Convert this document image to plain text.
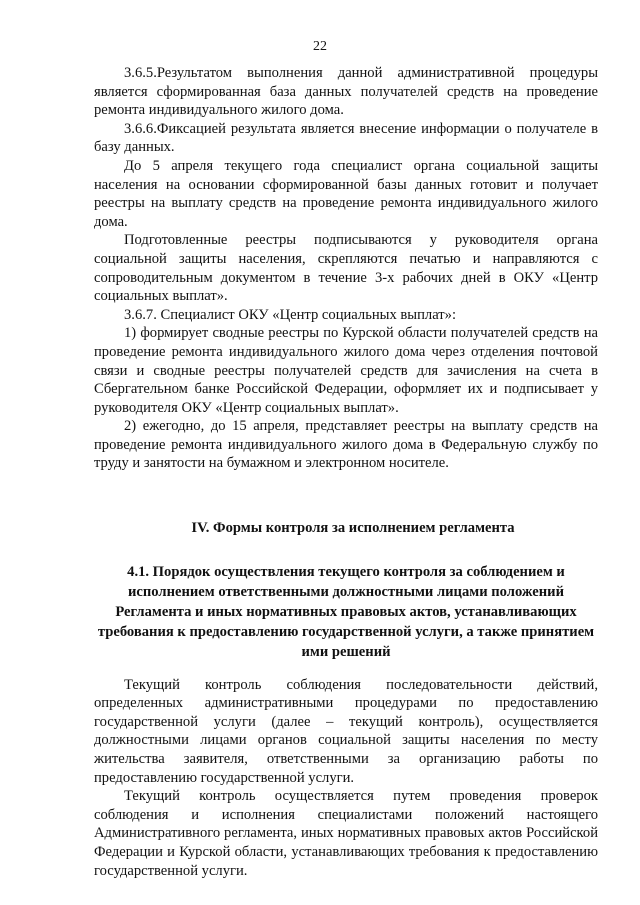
22

3.6.5.Результатом выполнения данной административной процедуры является сформированная база данных получателей средств на проведение ремонта индивидуального жилого дома.

3.6.6.Фиксацией результата является внесение информации о получателе в базу данных.

До 5 апреля текущего года специалист органа социальной защиты населения на основании сформированной базы данных готовит и получает реестры на выплату средств на проведение ремонта индивидуального жилого дома.

Подготовленные реестры подписываются у руководителя органа социальной защиты населения, скрепляются печатью и направляются с сопроводительным документом в течение 3-х рабочих дней в ОКУ «Центр социальных выплат».

3.6.7. Специалист ОКУ «Центр социальных выплат»:

1) формирует сводные реестры по Курской области получателей средств на проведение ремонта индивидуального жилого дома через отделения почтовой связи и сводные реестры получателей средств для зачисления на счета в Сбергательном банке Российской Федерации, оформляет их и подписывает у руководителя ОКУ «Центр социальных выплат».

2) ежегодно, до 15 апреля, представляет реестры на выплату средств на проведение ремонта индивидуального жилого дома в Федеральную службу по труду и занятости на бумажном и электронном носителе.

IV. Формы контроля за исполнением регламента
4.1. Порядок осуществления текущего контроля за соблюдением и исполнением ответственными должностными лицами положений Регламента и иных нормативных правовых актов, устанавливающих требования к предоставлению государственной услуги, а также принятием ими решений

Текущий контроль соблюдения последовательности действий, определенных административными процедурами по предоставлению государственной услуги (далее – текущий контроль), осуществляется должностными лицами органов социальной защиты населения по месту жительства заявителя, ответственными за организацию работы по предоставлению государственной услуги.

Текущий контроль осуществляется путем проведения проверок соблюдения и исполнения специалистами положений настоящего Административного регламента, иных нормативных правовых актов Российской Федерации и Курской области, устанавливающих требования к предоставлению государственной услуги.
